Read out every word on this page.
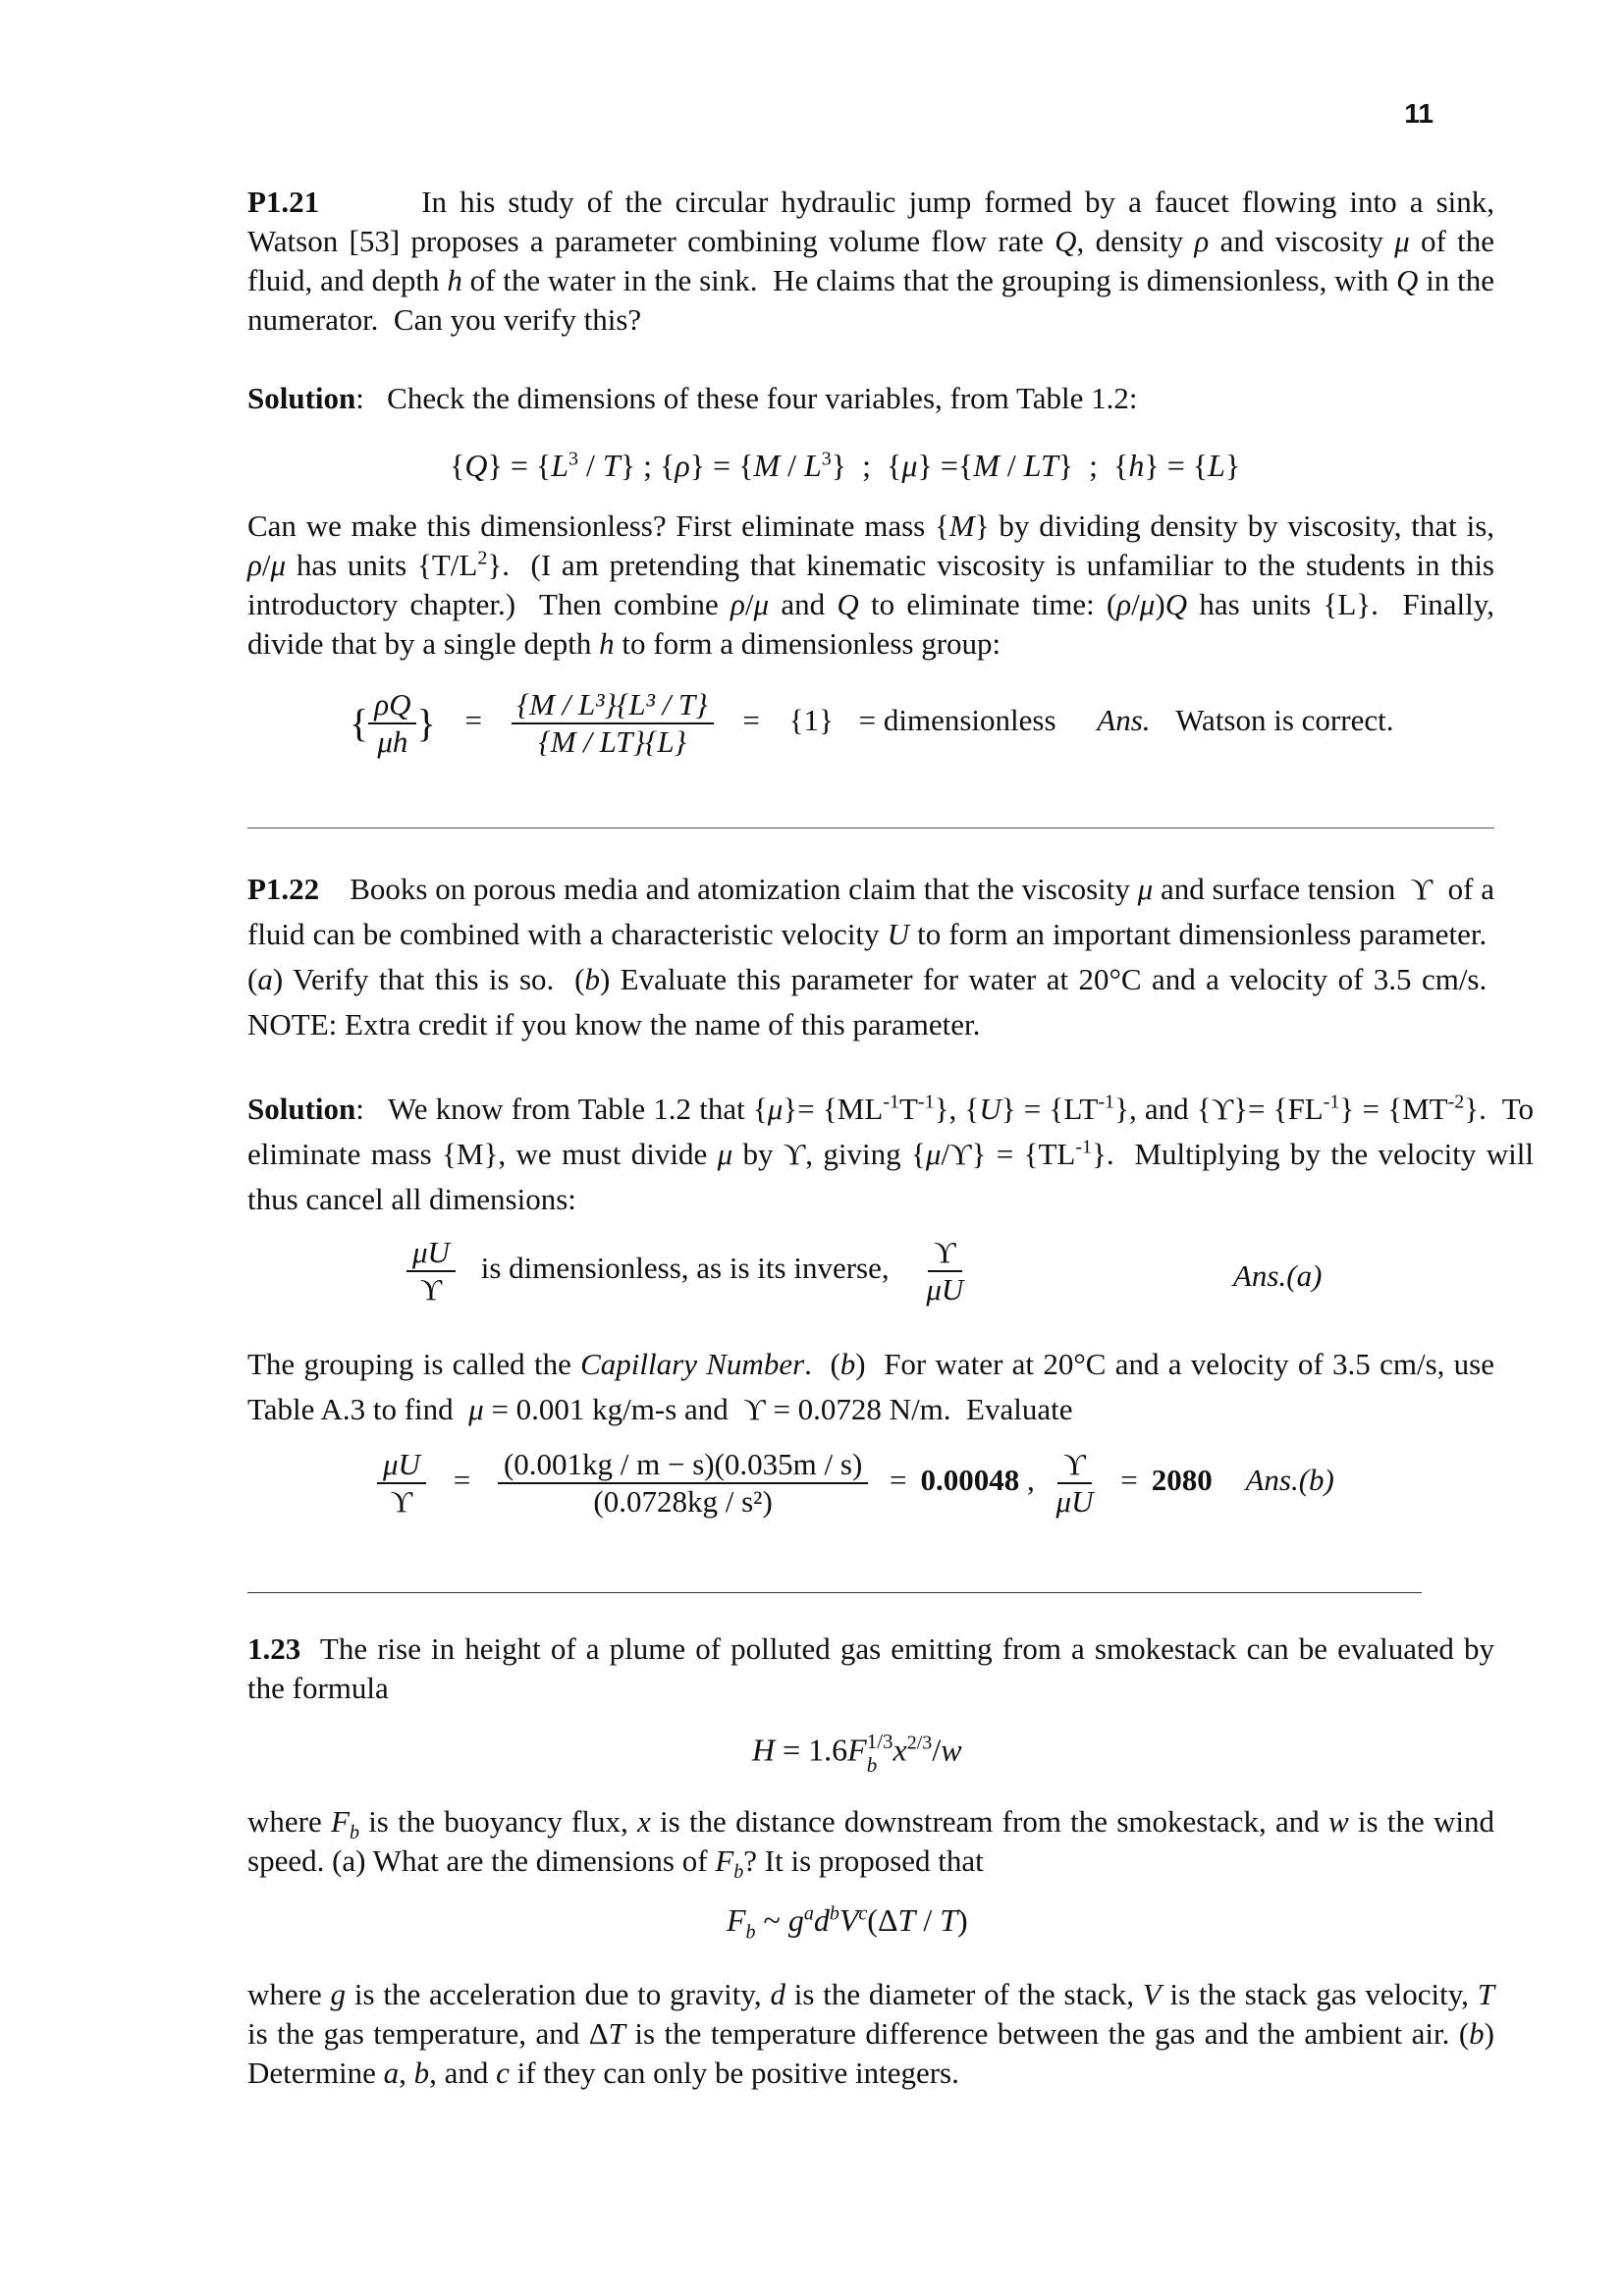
11

P1.21	In his study of the circular hydraulic jump formed by a faucet flowing into a sink, Watson [53] proposes a parameter combining volume flow rate Q, density ρ and viscosity μ of the fluid, and depth h of the water in the sink.  He claims that the grouping is dimensionless, with Q in the numerator.  Can you verify this?

Solution:   Check the dimensions of these four variables, from Table 1.2:
$\{Q\} = \{L^3 / T\}$ ; $\{\rho\} = \{M / L^3\}$  ;  {μ} ={M / LT}  ;  {h} = {L}

Can we make this dimensionless? First eliminate mass {M} by dividing density by viscosity, that is, ρ/μ has units $\{T/L^2\}$.  (I am pretending that kinematic viscosity is unfamiliar to the students in this introductory chapter.)  Then combine ρ/μ and Q to eliminate time: (ρ/μ)Q has units {L}.  Finally, divide that by a single depth h to form a dimensionless group:

{ $\frac{\rho Q}{\mu h}$ } = $\frac{\text{\{M / L³\}\{L³ / T\}}}{\{M / LT\}\{L\}} = \{1\}$ = dimensionless Ans. Watson is correct.

P1.22    Books on porous media and atomization claim that the viscosity μ and surface tension  ϒ  of a fluid can be combined with a characteristic velocity U to form an important dimensionless parameter.  (a) Verify that this is so.  (b) Evaluate this parameter for water at 20°C and a velocity of 3.5 cm/s.  NOTE: Extra credit if you know the name of this parameter.

Solution:   We know from Table 1.2 that $\{\mu\}= \{ML^{-1}T^{-1}\}$, $\{U\} = \{LT^{-1}\}$, and $\{ϒ\}= \{FL^{-1}\} = \{MT^{-2}\}$.  To eliminate mass {M}, we must divide μ by ϒ, giving $\{\mu/ϒ\} = \{TL^{-1}\}$.  Multiplying by the velocity will thus cancel all dimensions:

$\frac{\mu U}{ϒ}$ is dimensionless, as is its inverse, $\frac{ϒ}{\mu U}$	Ans.(a)

The grouping is called the Capillary Number.  (b)  For water at 20°C and a velocity of 3.5 cm/s, use Table A.3 to find  μ = 0.001 kg/m-s and  ϒ = 0.0728 N/m.  Evaluate

$\frac{\mu U}{ϒ} = \frac{(0.001kg / m - s)(0.035m / s)}{\text{(0.0728kg / s²)}} = 0.00048$ , $\frac{ϒ}{\mu U} = 2080$ Ans.(b)

1.23  The rise in height of a plume of polluted gas emitting from a smokestack can be evaluated by the formula

H = 1.6F 1/3
b $x^{2/3}/w$

where $F_b$ is the buoyancy flux, x is the distance downstream from the smokestack, and w is the wind speed. (a) What are the dimensions of $F_b$? It is proposed that

$F_b$ ~ $g^ad^bV^c(\Delta T / T)$

where g is the acceleration due to gravity, d is the diameter of the stack, V is the stack gas velocity, T is the gas temperature, and ΔT is the temperature difference between the gas and the ambient air. (b) Determine a, b, and c if they can only be positive integers.
